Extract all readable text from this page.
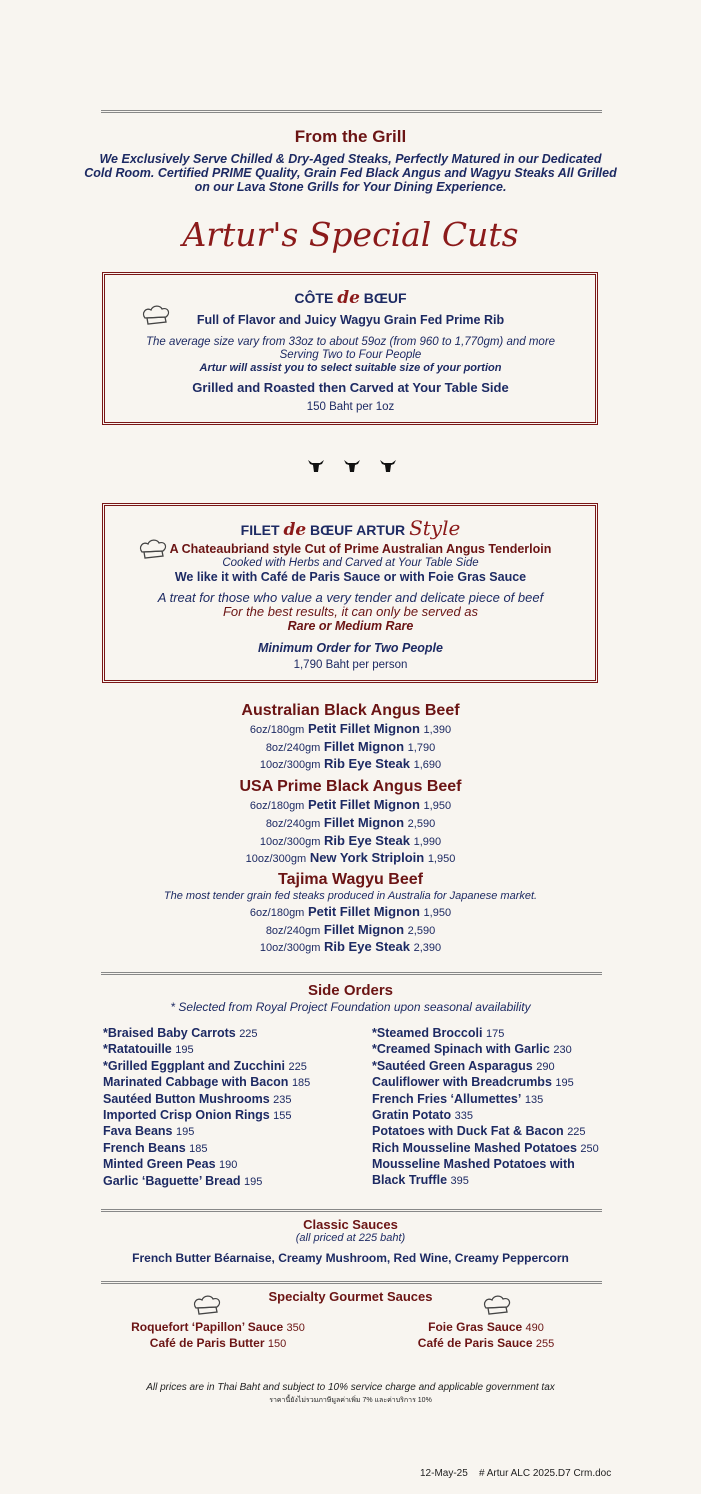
From the Grill
We Exclusively Serve Chilled & Dry-Aged Steaks, Perfectly Matured in our Dedicated
Cold Room. Certified PRIME Quality, Grain Fed Black Angus and Wagyu Steaks All Grilled
on our Lava Stone Grills for Your Dining Experience.
Artur's Special Cuts
CÔTE de BŒUF
Full of Flavor and Juicy Wagyu Grain Fed Prime Rib
The average size vary from 33oz to about 59oz (from 960 to 1,770gm) and more
Serving Two to Four People
Artur will assist you to select suitable size of your portion
Grilled and Roasted then Carved at Your Table Side
150 Baht per 1oz
FILET de BŒUF ARTUR Style
A Chateaubriand style Cut of Prime Australian Angus Tenderloin
Cooked with Herbs and Carved at Your Table Side
We like it with Café de Paris Sauce or with Foie Gras Sauce
A treat for those who value a very tender and delicate piece of beef
For the best results, it can only be served as
Rare or Medium Rare
Minimum Order for Two People
1,790 Baht per person
Australian Black Angus Beef
6oz/180gm Petit Fillet Mignon 1,390
8oz/240gm Fillet Mignon 1,790
10oz/300gm Rib Eye Steak 1,690
USA Prime Black Angus Beef
6oz/180gm Petit Fillet Mignon 1,950
8oz/240gm Fillet Mignon 2,590
10oz/300gm Rib Eye Steak 1,990
10oz/300gm New York Striploin 1,950
Tajima Wagyu Beef
The most tender grain fed steaks produced in Australia for Japanese market.
6oz/180gm Petit Fillet Mignon 1,950
8oz/240gm Fillet Mignon 2,590
10oz/300gm Rib Eye Steak 2,390
Side Orders
* Selected from Royal Project Foundation upon seasonal availability
*Braised Baby Carrots 225
*Ratatouille 195
*Grilled Eggplant and Zucchini 225
Marinated Cabbage with Bacon 185
Sautéed Button Mushrooms 235
Imported Crisp Onion Rings 155
Fava Beans 195
French Beans 185
Minted Green Peas 190
Garlic ‘Baguette’ Bread 195
*Steamed Broccoli 175
*Creamed Spinach with Garlic 230
*Sautéed Green Asparagus 290
Cauliflower with Breadcrumbs 195
French Fries ‘Allumettes’ 135
Gratin Potato 335
Potatoes with Duck Fat & Bacon 225
Rich Mousseline Mashed Potatoes 250
Mousseline Mashed Potatoes with
Black Truffle 395
Classic Sauces
(all priced at 225 baht)
French Butter Béarnaise, Creamy Mushroom, Red Wine, Creamy Peppercorn
Specialty Gourmet Sauces
Roquefort ‘Papillon’ Sauce 350
Café de Paris Butter 150
Foie Gras Sauce 490
Café de Paris Sauce 255
All prices are in Thai Baht and subject to 10% service charge and applicable government tax
ราคานี้ยังไม่รวมภาษีมูลค่าเพิ่ม 7% และค่าบริการ 10%
12-May-25 # Artur ALC 2025.D7 Crm.doc
